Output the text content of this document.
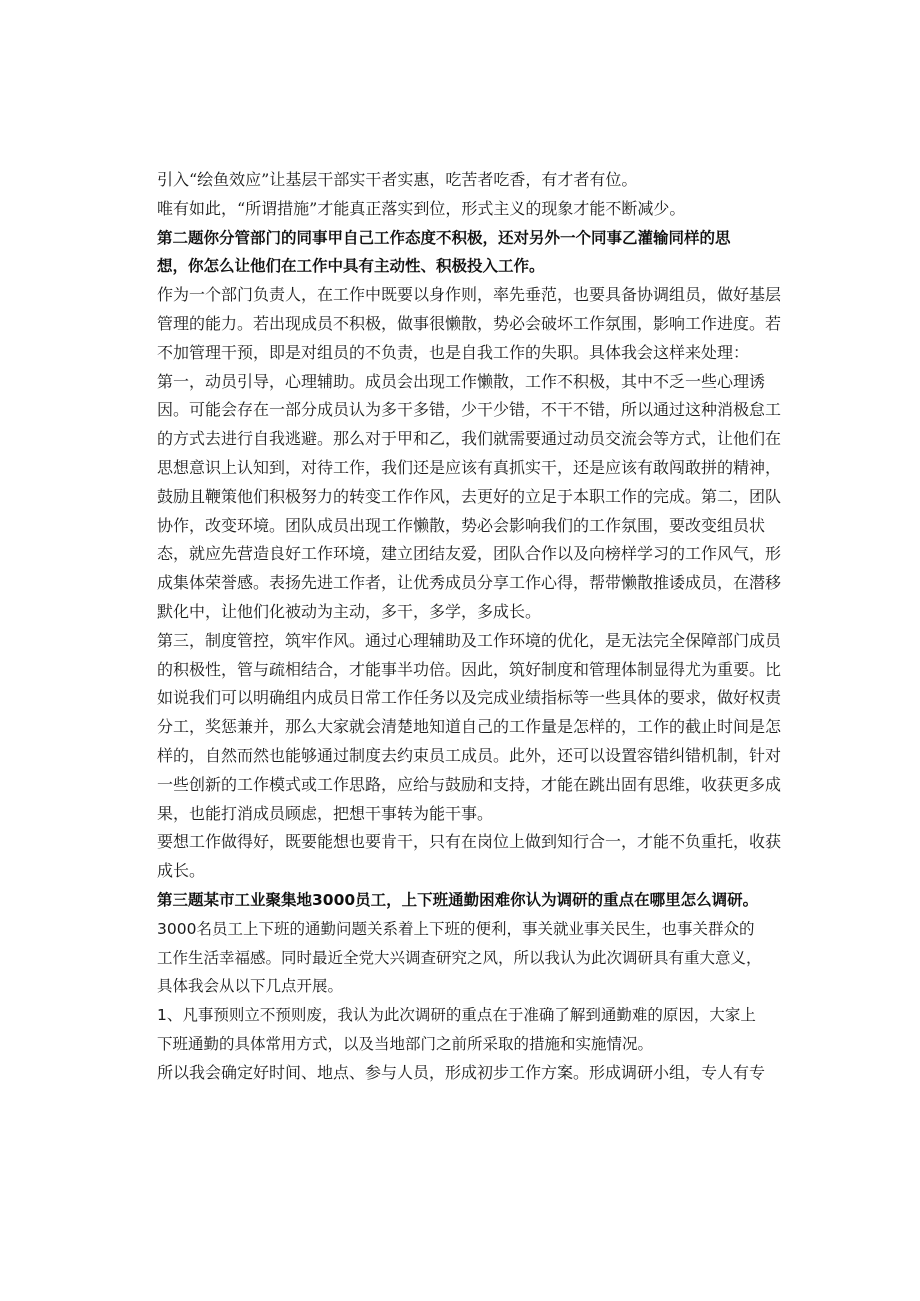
引入“绘鱼效应”让基层干部实干者实惠，吃苦者吃香，有才者有位。
唯有如此，“所谓措施”才能真正落实到位，形式主义的现象才能不断减少。
第二题你分管部门的同事甲自己工作态度不积极，还对另外一个同事乙灌输同样的思
想，你怎么让他们在工作中具有主动性、积极投入工作。
作为一个部门负责人，在工作中既要以身作则，率先垂范，也要具备协调组员，做好基层
管理的能力。若出现成员不积极，做事很懒散，势必会破坏工作氛围，影响工作进度。若
不加管理干预，即是对组员的不负责，也是自我工作的失职。具体我会这样来处理：
第一，动员引导，心理辅助。成员会出现工作懒散，工作不积极，其中不乏一些心理诱
因。可能会存在一部分成员认为多干多错，少干少错，不干不错，所以通过这种消极怠工
的方式去进行自我逃避。那么对于甲和乙，我们就需要通过动员交流会等方式，让他们在
思想意识上认知到，对待工作，我们还是应该有真抓实干，还是应该有敢闯敢拼的精神，
鼓励且鞭策他们积极努力的转变工作作风，去更好的立足于本职工作的完成。第二，团队
协作，改变环境。团队成员出现工作懒散，势必会影响我们的工作氛围，要改变组员状
态，就应先营造良好工作环境，建立团结友爱，团队合作以及向榜样学习的工作风气，形
成集体荣誉感。表扬先进工作者，让优秀成员分享工作心得，帮带懒散推诿成员，在潜移
默化中，让他们化被动为主动，多干，多学，多成长。
第三，制度管控，筑牢作风。通过心理辅助及工作环境的优化，是无法完全保障部门成员
的积极性，管与疏相结合，才能事半功倍。因此，筑好制度和管理体制显得尤为重要。比
如说我们可以明确组内成员日常工作任务以及完成业绩指标等一些具体的要求，做好权责
分工，奖惩兼并，那么大家就会清楚地知道自己的工作量是怎样的，工作的截止时间是怎
样的，自然而然也能够通过制度去约束员工成员。此外，还可以设置容错纠错机制，针对
一些创新的工作模式或工作思路，应给与鼓励和支持，才能在跳出固有思维，收获更多成
果，也能打消成员顾虑，把想干事转为能干事。
要想工作做得好，既要能想也要肯干，只有在岗位上做到知行合一，才能不负重托，收获
成长。
第三题某市工业聚集地3000员工，上下班通勤困难你认为调研的重点在哪里怎么调研。
3000名员工上下班的通勤问题关系着上下班的便利，事关就业事关民生，也事关群众的
工作生活幸福感。同时最近全党大兴调查研究之风，所以我认为此次调研具有重大意义，
具体我会从以下几点开展。
1、凡事预则立不预则废，我认为此次调研的重点在于准确了解到通勤难的原因，大家上
下班通勤的具体常用方式，以及当地部门之前所采取的措施和实施情况。
所以我会确定好时间、地点、参与人员，形成初步工作方案。形成调研小组，专人有专
